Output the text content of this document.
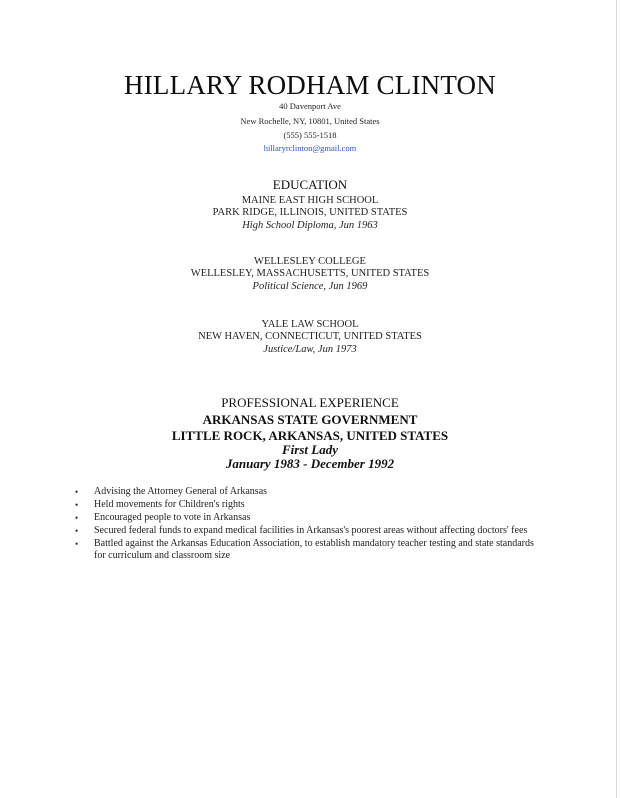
HILLARY RODHAM CLINTON
40 Davenport Ave
New Rochelle, NY, 10801, United States
(555) 555-1518
hillaryrclinton@gmail.com
EDUCATION
MAINE EAST HIGH SCHOOL
PARK RIDGE, ILLINOIS, UNITED STATES
High School Diploma, Jun 1963
WELLESLEY COLLEGE
WELLESLEY, MASSACHUSETTS, UNITED STATES
Political Science, Jun 1969
YALE LAW SCHOOL
NEW HAVEN, CONNECTICUT, UNITED STATES
Justice/Law, Jun 1973
PROFESSIONAL EXPERIENCE
ARKANSAS STATE GOVERNMENT
LITTLE ROCK, ARKANSAS, UNITED STATES
First Lady
January 1983 - December 1992
• Advising the Attorney General of Arkansas
• Held movements for Children's rights
• Encouraged people to vote in Arkansas
• Secured federal funds to expand medical facilities in Arkansas's poorest areas without affecting doctors' fees
• Battled against the Arkansas Education Association, to establish mandatory teacher testing and state standards for curriculum and classroom size
